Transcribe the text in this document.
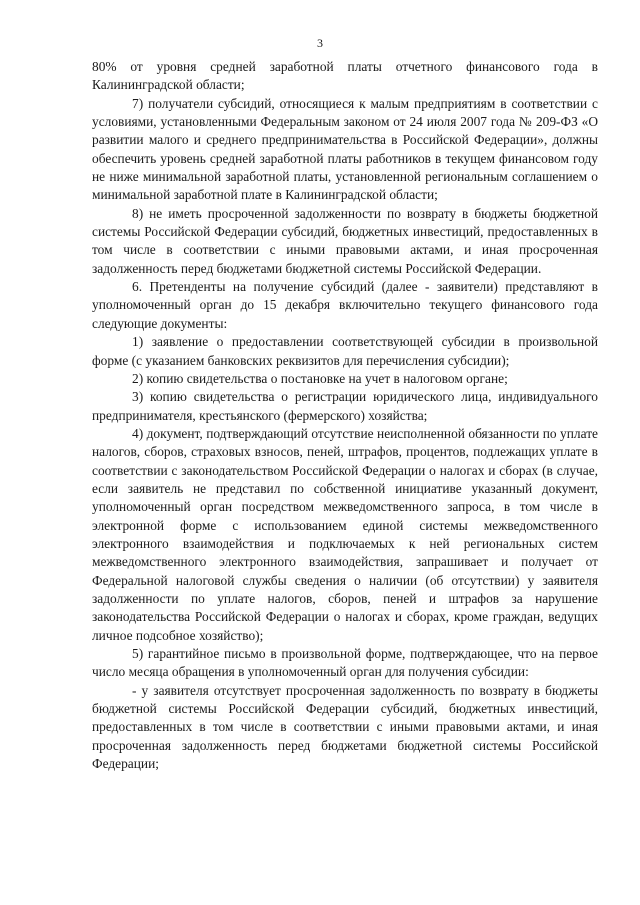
3

80% от уровня средней заработной платы отчетного финансового года в Калининградской области;

7) получатели субсидий, относящиеся к малым предприятиям в соответствии с условиями, установленными Федеральным законом от 24 июля 2007 года № 209-ФЗ «О развитии малого и среднего предпринимательства в Российской Федерации», должны обеспечить уровень средней заработной платы работников в текущем финансовом году не ниже минимальной заработной платы, установленной региональным соглашением о минимальной заработной плате в Калининградской области;

8) не иметь просроченной задолженности по возврату в бюджеты бюджетной системы Российской Федерации субсидий, бюджетных инвестиций, предоставленных в том числе в соответствии с иными правовыми актами, и иная просроченная задолженность перед бюджетами бюджетной системы Российской Федерации.

6. Претенденты на получение субсидий (далее - заявители) представляют в уполномоченный орган до 15 декабря включительно текущего финансового года следующие документы:

1) заявление о предоставлении соответствующей субсидии в произвольной форме (с указанием банковских реквизитов для перечисления субсидии);

2) копию свидетельства о постановке на учет в налоговом органе;

3) копию свидетельства о регистрации юридического лица, индивидуального предпринимателя, крестьянского (фермерского) хозяйства;

4) документ, подтверждающий отсутствие неисполненной обязанности по уплате налогов, сборов, страховых взносов, пеней, штрафов, процентов, подлежащих уплате в соответствии с законодательством Российской Федерации о налогах и сборах (в случае, если заявитель не представил по собственной инициативе указанный документ, уполномоченный орган посредством межведомственного запроса, в том числе в электронной форме с использованием единой системы межведомственного электронного взаимодействия и подключаемых к ней региональных систем межведомственного электронного взаимодействия, запрашивает и получает от Федеральной налоговой службы сведения о наличии (об отсутствии) у заявителя задолженности по уплате налогов, сборов, пеней и штрафов за нарушение законодательства Российской Федерации о налогах и сборах, кроме граждан, ведущих личное подсобное хозяйство);

5) гарантийное письмо в произвольной форме, подтверждающее, что на первое число месяца обращения в уполномоченный орган для получения субсидии:

- у заявителя отсутствует просроченная задолженность по возврату в бюджеты бюджетной системы Российской Федерации субсидий, бюджетных инвестиций, предоставленных в том числе в соответствии с иными правовыми актами, и иная просроченная задолженность перед бюджетами бюджетной системы Российской Федерации;
